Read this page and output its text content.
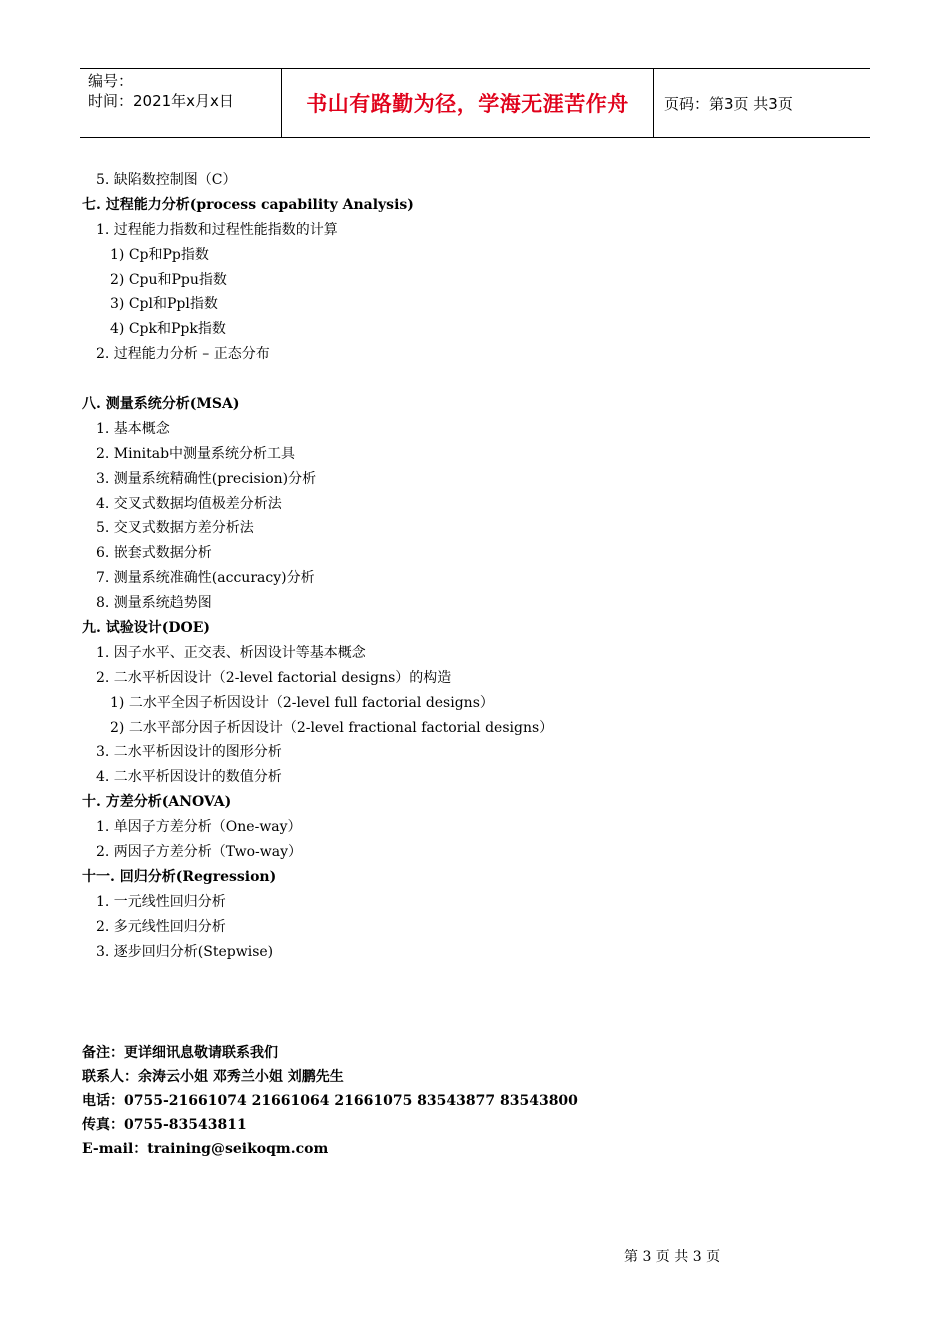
编号：
时间：2021年x月x日	书山有路勤为径，学海无涯苦作舟 页码：第3页 共3页
5. 缺陷数控制图（C）
七. 过程能力分析(process capability Analysis)
1. 过程能力指数和过程性能指数的计算
1) Cp和Pp指数
2) Cpu和Ppu指数
3) Cpl和Ppl指数
4) Cpk和Ppk指数
2. 过程能力分析 – 正态分布
八. 测量系统分析(MSA)
1. 基本概念
2. Minitab中测量系统分析工具
3. 测量系统精确性(precision)分析
4. 交叉式数据均值极差分析法
5. 交叉式数据方差分析法
6. 嵌套式数据分析
7. 测量系统准确性(accuracy)分析
8. 测量系统趋势图
九. 试验设计(DOE)
1. 因子水平、正交表、析因设计等基本概念
2. 二水平析因设计（2-level factorial designs）的构造
1) 二水平全因子析因设计（2-level full factorial designs）
2) 二水平部分因子析因设计（2-level fractional factorial designs）
3. 二水平析因设计的图形分析
4. 二水平析因设计的数值分析
十. 方差分析(ANOVA)
1. 单因子方差分析（One-way）
2. 两因子方差分析（Two-way）
十一. 回归分析(Regression)
1. 一元线性回归分析
2. 多元线性回归分析
3. 逐步回归分析(Stepwise)
备注：更详细讯息敬请联系我们
联系人：余涛云小姐 邓秀兰小姐 刘鹏先生
电话：0755-21661074 21661064 21661075 83543877 83543800
传真：0755-83543811
E-mail：training@seikoqm.com
第 3 页 共 3 页
